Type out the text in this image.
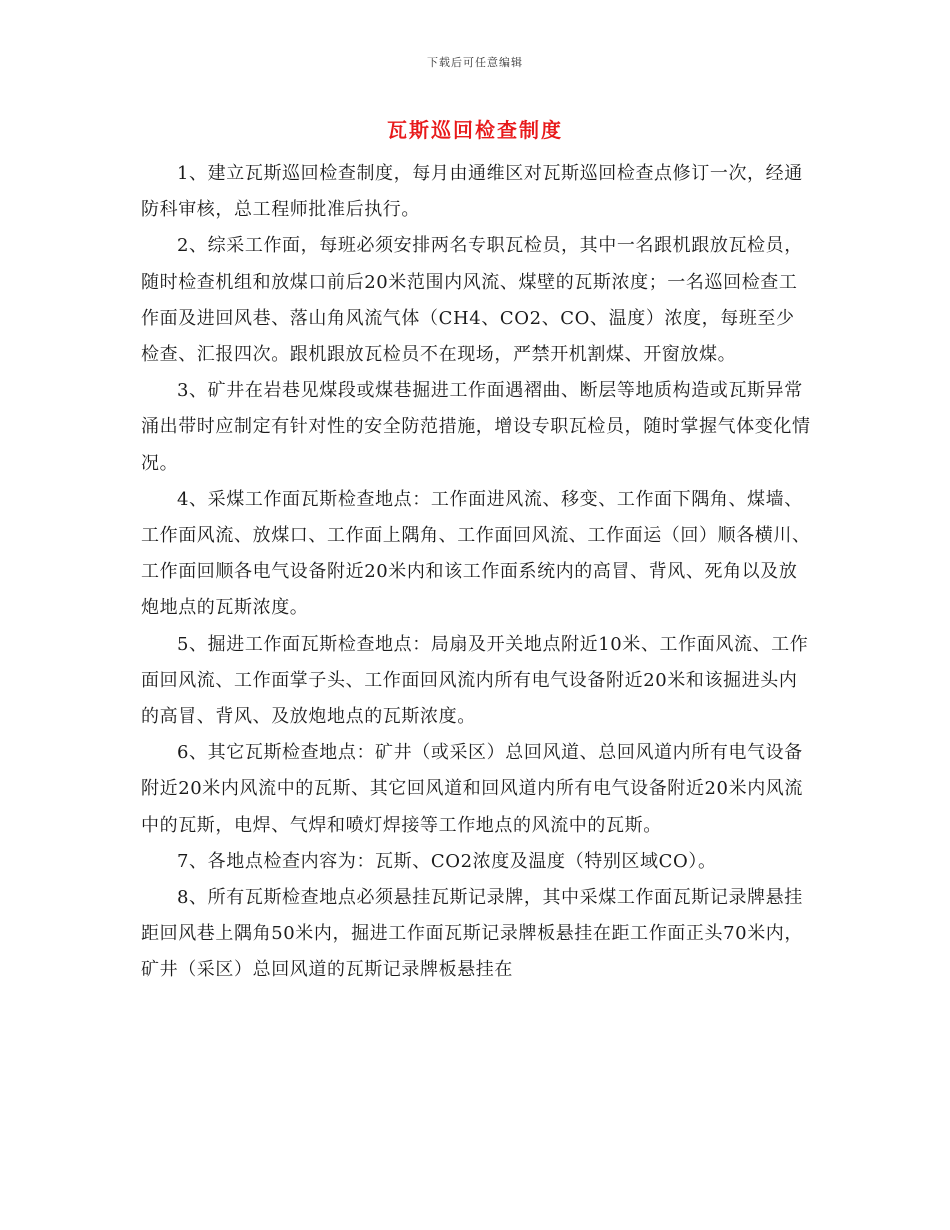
下载后可任意编辑
瓦斯巡回检查制度

1、建立瓦斯巡回检查制度，每月由通维区对瓦斯巡回检查点修订一次，经通防科审核，总工程师批准后执行。

2、综采工作面，每班必须安排两名专职瓦检员，其中一名跟机跟放瓦检员，随时检查机组和放煤口前后20米范围内风流、煤壁的瓦斯浓度；一名巡回检查工作面及进回风巷、落山角风流气体（CH4、CO2、CO、温度）浓度，每班至少检查、汇报四次。跟机跟放瓦检员不在现场，严禁开机割煤、开窗放煤。

3、矿井在岩巷见煤段或煤巷掘进工作面遇褶曲、断层等地质构造或瓦斯异常涌出带时应制定有针对性的安全防范措施，增设专职瓦检员，随时掌握气体变化情况。

4、采煤工作面瓦斯检查地点：工作面进风流、移变、工作面下隅角、煤墙、工作面风流、放煤口、工作面上隅角、工作面回风流、工作面运（回）顺各横川、工作面回顺各电气设备附近20米内和该工作面系统内的高冒、背风、死角以及放炮地点的瓦斯浓度。

5、掘进工作面瓦斯检查地点：局扇及开关地点附近10米、工作面风流、工作面回风流、工作面掌子头、工作面回风流内所有电气设备附近20米和该掘进头内的高冒、背风、及放炮地点的瓦斯浓度。

6、其它瓦斯检查地点：矿井（或采区）总回风道、总回风道内所有电气设备附近20米内风流中的瓦斯、其它回风道和回风道内所有电气设备附近20米内风流中的瓦斯，电焊、气焊和喷灯焊接等工作地点的风流中的瓦斯。

7、各地点检查内容为：瓦斯、CO2浓度及温度（特别区域CO）。

8、所有瓦斯检查地点必须悬挂瓦斯记录牌，其中采煤工作面瓦斯记录牌悬挂距回风巷上隅角50米内，掘进工作面瓦斯记录牌板悬挂在距工作面正头70米内，矿井（采区）总回风道的瓦斯记录牌板悬挂在
